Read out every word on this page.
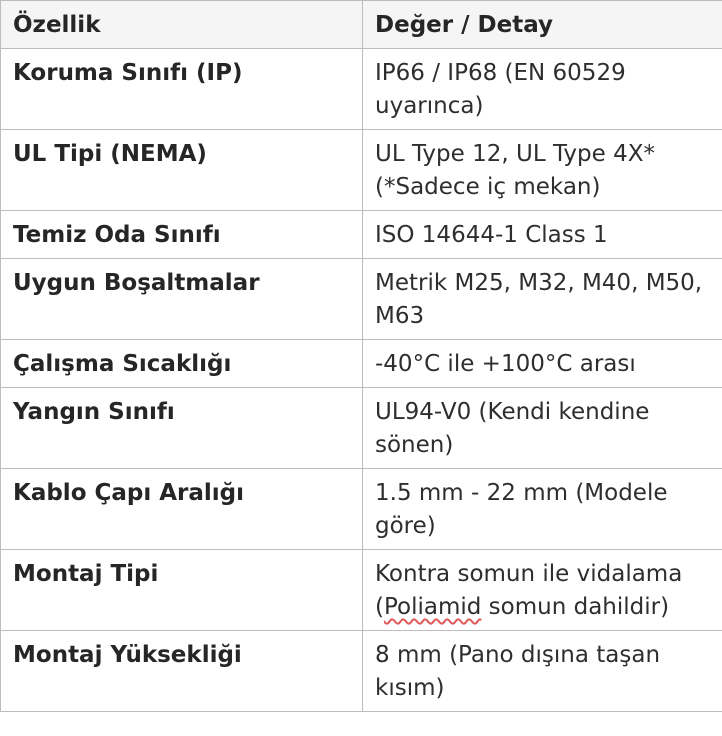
Özellik	Değer / Detay
Koruma Sınıfı (IP)	IP66 / IP68 (EN 60529 uyarınca)
UL Tipi (NEMA)	UL Type 12, UL Type 4X* (*Sadece iç mekan)
Temiz Oda Sınıfı	ISO 14644-1 Class 1
Uygun Boşaltmalar	Metrik M25, M32, M40, M50, M63
Çalışma Sıcaklığı	-40°C ile +100°C arası
Yangın Sınıfı	UL94-V0 (Kendi kendine sönen)
Kablo Çapı Aralığı	1.5 mm - 22 mm (Modele göre)
Montaj Tipi	Kontra somun ile vidalama (Poliamid somun dahildir)
Montaj Yüksekliği	8 mm (Pano dışına taşan kısım)
